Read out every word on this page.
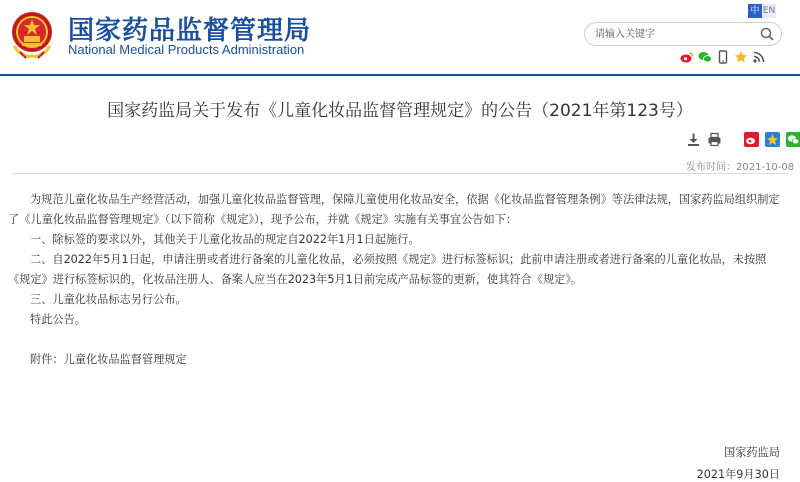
国家药品监督管理局
National Medical Products Administration
中 EN
请输入关键字
国家药监局关于发布《儿童化妆品监督管理规定》的公告（2021年第123号）
发布时间：2021-10-08

为规范儿童化妆品生产经营活动，加强儿童化妆品监督管理，保障儿童使用化妆品安全，依据《化妆品监督管理条例》等法律法规，国家药监局组织制定了《儿童化妆品监督管理规定》（以下简称《规定》），现予公布，并就《规定》实施有关事宜公告如下：

一、除标签的要求以外，其他关于儿童化妆品的规定自2022年1月1日起施行。

二、自2022年5月1日起，申请注册或者进行备案的儿童化妆品，必须按照《规定》进行标签标识；此前申请注册或者进行备案的儿童化妆品，未按照《规定》进行标签标识的，化妆品注册人、备案人应当在2023年5月1日前完成产品标签的更新，使其符合《规定》。

三、儿童化妆品标志另行公布。

特此公告。

附件：儿童化妆品监督管理规定

国家药监局
2021年9月30日
